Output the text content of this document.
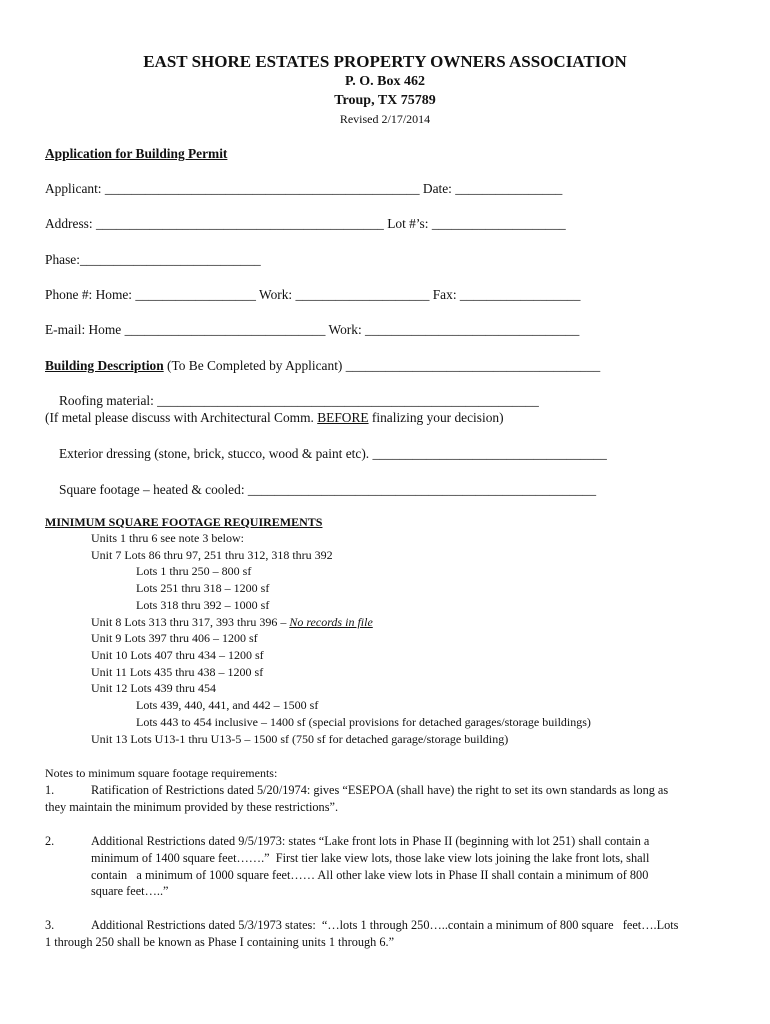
EAST SHORE ESTATES PROPERTY OWNERS ASSOCIATION
P. O. Box 462
Troup, TX 75789
Revised 2/17/2014
Application for Building Permit
Applicant: _______________________________________________ Date: ________________
Address: ___________________________________________ Lot #’s: ____________________
Phase:___________________________
Phone #: Home: __________________ Work: ____________________ Fax: __________________
E-mail: Home ______________________________ Work: ________________________________
Building Description (To Be Completed by Applicant) ______________________________________
Roofing material: _________________________________________________________
(If metal please discuss with Architectural Comm. BEFORE finalizing your decision)
Exterior dressing (stone, brick, stucco, wood & paint etc). ___________________________________
Square footage – heated & cooled: ____________________________________________________
MINIMUM SQUARE FOOTAGE REQUIREMENTS
Units 1 thru 6 see note 3 below:
Unit 7 Lots 86 thru 97, 251 thru 312, 318 thru 392
Lots 1 thru 250 – 800 sf
Lots 251 thru 318 – 1200 sf
Lots 318 thru 392 – 1000 sf
Unit 8 Lots 313 thru 317, 393 thru 396 – No records in file
Unit 9 Lots 397 thru 406 – 1200 sf
Unit 10 Lots 407 thru 434 – 1200 sf
Unit 11 Lots 435 thru 438 – 1200 sf
Unit 12 Lots 439 thru 454
Lots 439, 440, 441, and 442 – 1500 sf
Lots 443 to 454 inclusive – 1400 sf (special provisions for detached garages/storage buildings)
Unit 13 Lots U13-1 thru U13-5 – 1500 sf (750 sf for detached garage/storage building)
Notes to minimum square footage requirements:
1.	Ratification of Restrictions dated 5/20/1974: gives “ESEPOA (shall have) the right to set its own standards as long as
they maintain the minimum provided by these restrictions”.
2.	Additional Restrictions dated 9/5/1973: states “Lake front lots in Phase II (beginning with lot 251) shall contain a
minimum of 1400 square feet…….”  First tier lake view lots, those lake view lots joining the lake front lots, shall
contain   a minimum of 1000 square feet…… All other lake view lots in Phase II shall contain a minimum of 800
square feet…..”
3.	Additional Restrictions dated 5/3/1973 states:  “…lots 1 through 250…..contain a minimum of 800 square   feet….Lots
1 through 250 shall be known as Phase I containing units 1 through 6.”
